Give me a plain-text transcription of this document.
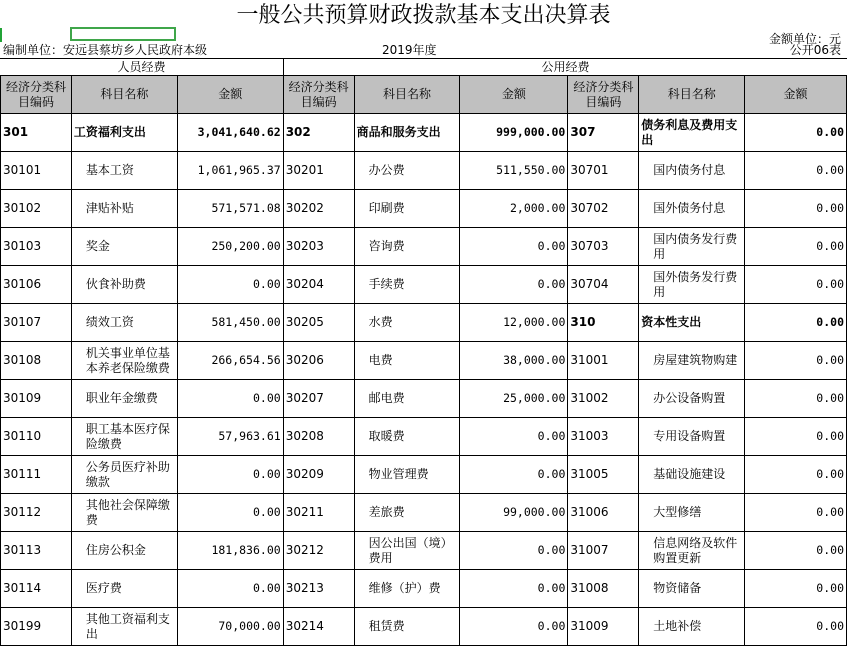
一般公共预算财政拨款基本支出决算表
金额单位：元
编制单位：安远县蔡坊乡人民政府本级	2019年度	公开06表
人员经费	公用经费
经济分类科目编码	科目名称	金额	经济分类科目编码	科目名称	金额	经济分类科目编码	科目名称	金额
301	工资福利支出	3,041,640.62	302	商品和服务支出	999,000.00	307	债务利息及费用支出	0.00
30101	基本工资	1,061,965.37	30201	办公费	511,550.00	30701	国内债务付息	0.00
30102	津贴补贴	571,571.08	30202	印刷费	2,000.00	30702	国外债务付息	0.00
30103	奖金	250,200.00	30203	咨询费	0.00	30703	国内债务发行费用	0.00
30106	伙食补助费	0.00	30204	手续费	0.00	30704	国外债务发行费用	0.00
30107	绩效工资	581,450.00	30205	水费	12,000.00	310	资本性支出	0.00
30108	机关事业单位基本养老保险缴费	266,654.56	30206	电费	38,000.00	31001	房屋建筑物购建	0.00
30109	职业年金缴费	0.00	30207	邮电费	25,000.00	31002	办公设备购置	0.00
30110	职工基本医疗保险缴费	57,963.61	30208	取暖费	0.00	31003	专用设备购置	0.00
30111	公务员医疗补助缴款	0.00	30209	物业管理费	0.00	31005	基础设施建设	0.00
30112	其他社会保障缴费	0.00	30211	差旅费	99,000.00	31006	大型修缮	0.00
30113	住房公积金	181,836.00	30212	因公出国（境）费用	0.00	31007	信息网络及软件购置更新	0.00
30114	医疗费	0.00	30213	维修（护）费	0.00	31008	物资储备	0.00
30199	其他工资福利支出	70,000.00	30214	租赁费	0.00	31009	土地补偿	0.00
